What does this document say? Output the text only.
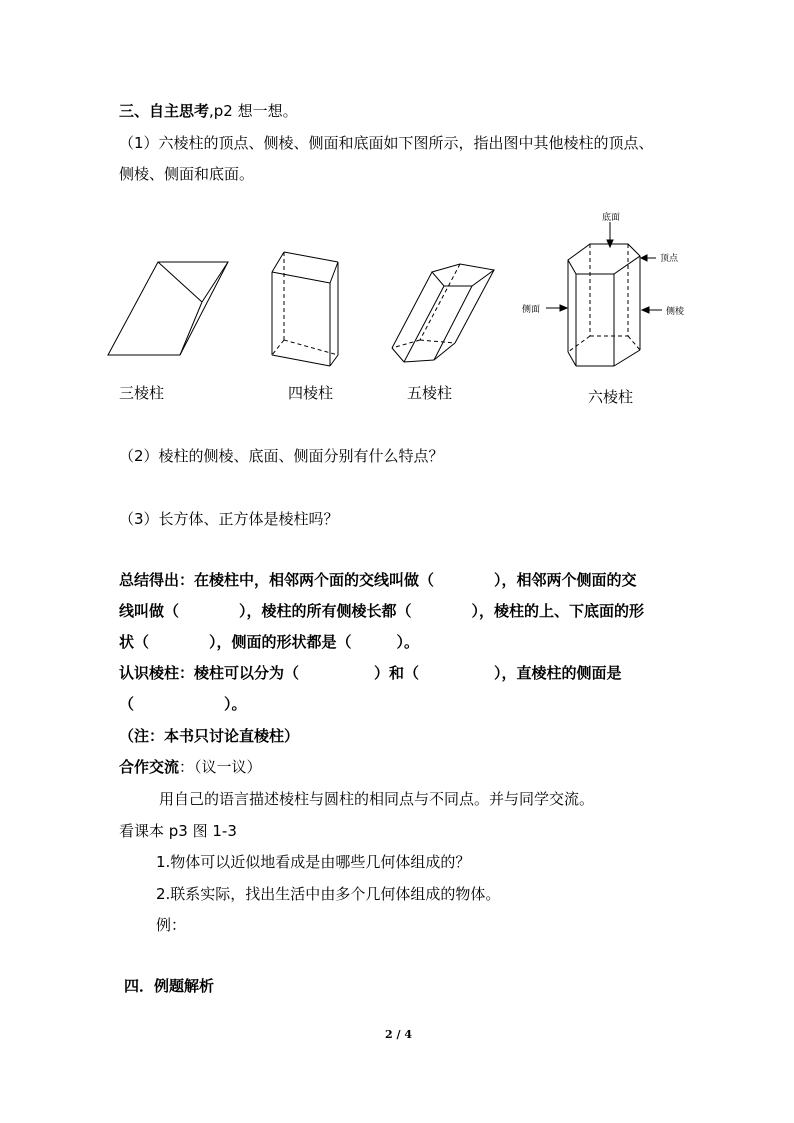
三、自主思考,p2 想一想。
（1）六棱柱的顶点、侧棱、侧面和底面如下图所示，指出图中其他棱柱的顶点、
侧棱、侧面和底面。
底面
顶点
侧面	侧棱
三棱柱	四棱柱	五棱柱	六棱柱
（2）棱柱的侧棱、底面、侧面分别有什么特点？
（3）长方体、正方体是棱柱吗？
总结得出：在棱柱中，相邻两个面的交线叫做（　　　　），相邻两个侧面的交
线叫做（　　　　），棱柱的所有侧棱长都（　　　　），棱柱的上、下底面的形
状（　　　　），侧面的形状都是（　　　）。
认识棱柱：棱柱可以分为（　　　　　）和（　　　　　），直棱柱的侧面是
（　　　　　　）。
（注：本书只讨论直棱柱）
合作交流：（议一议）
用自己的语言描述棱柱与圆柱的相同点与不同点。并与同学交流。
看课本 p3 图 1-3
1.物体可以近似地看成是由哪些几何体组成的？
2.联系实际，找出生活中由多个几何体组成的物体。
例：
四．例题解析
2 / 4
